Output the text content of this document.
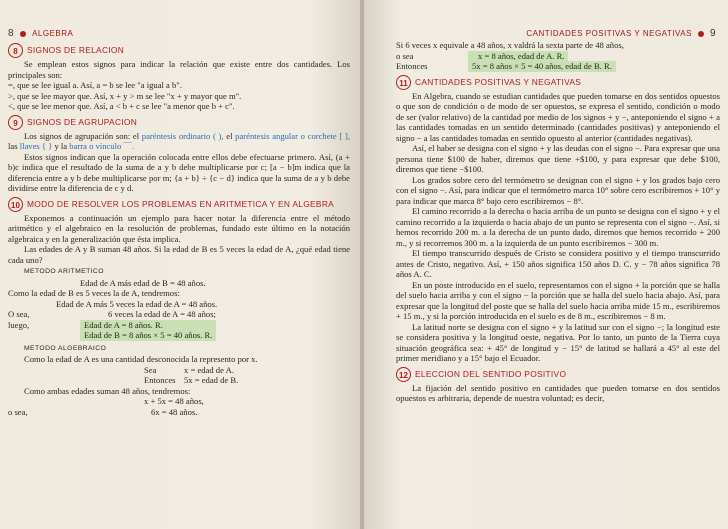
8 ALGEBRA
8	SIGNOS DE RELACION

Se emplean estos signos para indicar la relación que existe entre dos cantidades. Los principales son:

=, que se lee igual a. Así, a = b se lee "a igual a b".

>, que se lee mayor que. Así, x + y > m se lee "x + y mayor que m".

<, que se lee menor que. Así, a < b + c se lee "a menor que b + c".

9	SIGNOS DE AGRUPACION

Los signos de agrupación son: el paréntesis ordinario ( ), el paréntesis angular o corchete [ ], las llaves { } y la barra o vínculo ‾‾‾.

Estos signos indican que la operación colocada entre ellos debe efectuarse primero. Así, (a + b)c indica que el resultado de la suma de a y b debe multiplicarse por c; [a − b]m indica que la diferencia entre a y b debe multiplicarse por m; {a + b} ÷ {c − d} indica que la suma de a y b debe dividirse entre la diferencia de c y d.

10 MODO DE RESOLVER LOS PROBLEMAS EN ARITMETICA Y EN ALGEBRA

Exponemos a continuación un ejemplo para hacer notar la diferencia entre el método aritmético y el algebraico en la resolución de problemas, fundado este último en la notación algebraica y en la generalización que ésta implica.

Las edades de A y B suman 48 años. Si la edad de B es 5 veces la edad de A, ¿qué edad tiene cada uno?

METODO ARITMETICO

Edad de A más edad de B = 48 años.

Como la edad de B es 5 veces la de A, tendremos:

Edad de A más 5 veces la edad de A = 48 años.

O sea,	6 veces la edad de A = 48 años;
luego,	Edad de A = 8 años. R.
Edad de B = 8 años × 5 = 40 años. R.

METODO ALGEBRAICO

Como la edad de A es una cantidad desconocida la represento por x.

Sea	x = edad de A.
Entonces 5x = edad de B.

Como ambas edades suman 48 años, tendremos:

x + 5x = 48 años,

o sea,	6x = 48 años.
CANTIDADES POSITIVAS Y NEGATIVAS 9

Si 6 veces x equivale a 48 años, x valdrá la sexta parte de 48 años,

o sea	x = 8 años, edad de A. R.
Entonces	5x = 8 años × 5 = 40 años, edad de B. R.
11 CANTIDADES POSITIVAS Y NEGATIVAS

En Algebra, cuando se estudian cantidades que pueden tomarse en dos sentidos opuestos o que son de condición o de modo de ser opuestos, se expresa el sentido, condición o modo de ser (valor relativo) de la cantidad por medio de los signos + y −, anteponiendo el signo + a las cantidades tomadas en un sentido determinado (cantidades positivas) y anteponiendo el signo − a las cantidades tomadas en sentido opuesto al anterior (cantidades negativas).

Así, el haber se designa con el signo + y las deudas con el signo −. Para expresar que una persona tiene $100 de haber, diremos que tiene +$100, y para expresar que debe $100, diremos que tiene −$100.

Los grados sobre cero del termómetro se designan con el signo + y los grados bajo cero con el signo −. Así, para indicar que el termómetro marca 10° sobre cero escribiremos + 10° y para indicar que marca 8° bajo cero escribiremos − 8°.

El camino recorrido a la derecha o hacia arriba de un punto se designa con el signo + y el camino recorrido a la izquierda o hacia abajo de un punto se representa con el signo −. Así, si hemos recorrido 200 m. a la derecha de un punto dado, diremos que hemos recorrido + 200 m., y si recorremos 300 m. a la izquierda de un punto escribiremos − 300 m.

El tiempo transcurrido después de Cristo se considera positivo y el tiempo transcurrido antes de Cristo, negativo. Así, + 150 años significa 150 años D. C. y − 78 años significa 78 años A. C.

En un poste introducido en el suelo, representamos con el signo + la porción que se halla del suelo hacia arriba y con el signo − la porción que se halla del suelo hacia abajo. Así, para expresar que la longitud del poste que se halla del suelo hacia arriba mide 15 m., escribiremos + 15 m., y si la porción introducida en el suelo es de 8 m., escribiremos − 8 m.

La latitud norte se designa con el signo + y la latitud sur con el signo −; la longitud este se considera positiva y la longitud oeste, negativa. Por lo tanto, un punto de la Tierra cuya situación geográfica sea: + 45° de longitud y − 15° de latitud se hallará a 45° al este del primer meridiano y a 15° bajo el Ecuador.

12 ELECCION DEL SENTIDO POSITIVO

La fijación del sentido positivo en cantidades que pueden tomarse en dos sentidos opuestos es arbitraria, depende de nuestra voluntad; es decir,
